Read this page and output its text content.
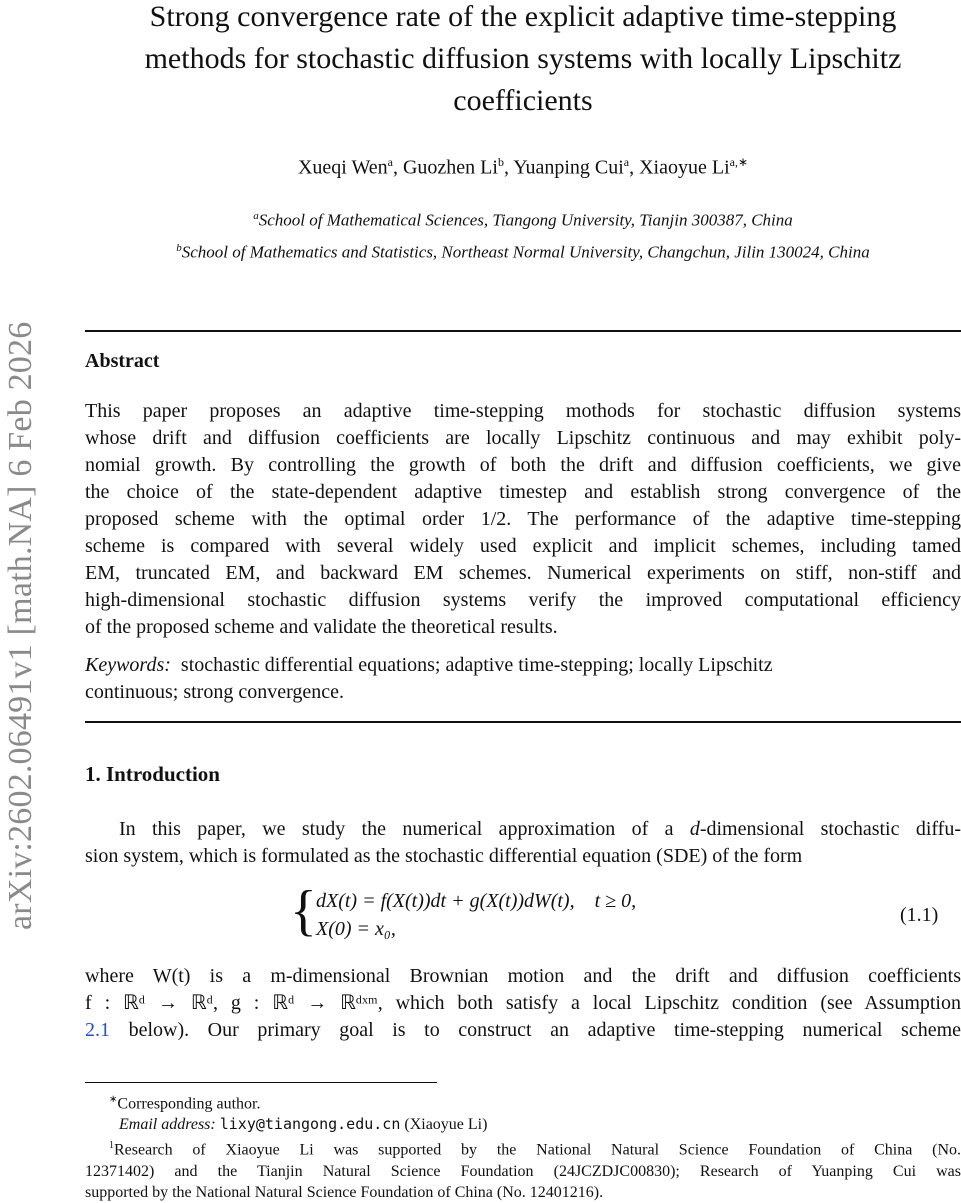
arXiv:2602.06491v1 [math.NA] 6 Feb 2026
Strong convergence rate of the explicit adaptive time-stepping
methods for stochastic diffusion systems with locally Lipschitz
coefficients
Xueqi Wen$^a$, Guozhen Li$^b$, Yuanping Cui$^a$, Xiaoyue $Li^{a,∗}$
$^a$School of Mathematical Sciences, Tiangong University, Tianjin 300387, China
$^b$School of Mathematics and Statistics, Northeast Normal University, Changchun, Jilin 130024, China
Abstract
This paper proposes an adaptive time-stepping mothods for stochastic diffusion systems
whose drift and diffusion coefficients are locally Lipschitz continuous and may exhibit poly-
nomial growth. By controlling the growth of both the drift and diffusion coefficients, we give
the choice of the state-dependent adaptive timestep and establish strong convergence of the
proposed scheme with the optimal order 1/2. The performance of the adaptive time-stepping
scheme is compared with several widely used explicit and implicit schemes, including tamed
EM, truncated EM, and backward EM schemes. Numerical experiments on stiff, non-stiff and
high-dimensional stochastic diffusion systems verify the improved computational efficiency
of the proposed scheme and validate the theoretical results.
Keywords: stochastic differential equations; adaptive time-stepping; locally Lipschitz
continuous; strong convergence.
1. Introduction
In this paper, we study the numerical approximation of a d-dimensional stochastic diffu-
sion system, which is formulated as the stochastic differential equation (SDE) of the form
{ dX(t) = f(X(t))dt + g(X(t))dW(t), t ≥ 0,
X(0) = x₀,
(1.1)
where W(t) is a m-dimensional Brownian motion and the drift and diffusion coefficients
f : ℝᵈ → ℝᵈ, g : ℝᵈ → ℝᵈˣᵐ, which both satisfy a local Lipschitz condition (see Assumption
2.1 below). Our primary goal is to construct an adaptive time-stepping numerical scheme
∗Corresponding author.
Email address: lixy@tiangong.edu.cn (Xiaoyue Li)
$^1$Research of Xiaoyue Li was supported by the National Natural Science Foundation of China (No.
12371402) and the Tianjin Natural Science Foundation (24JCZDJC00830); Research of Yuanping Cui was
supported by the National Natural Science Foundation of China (No. 12401216).
